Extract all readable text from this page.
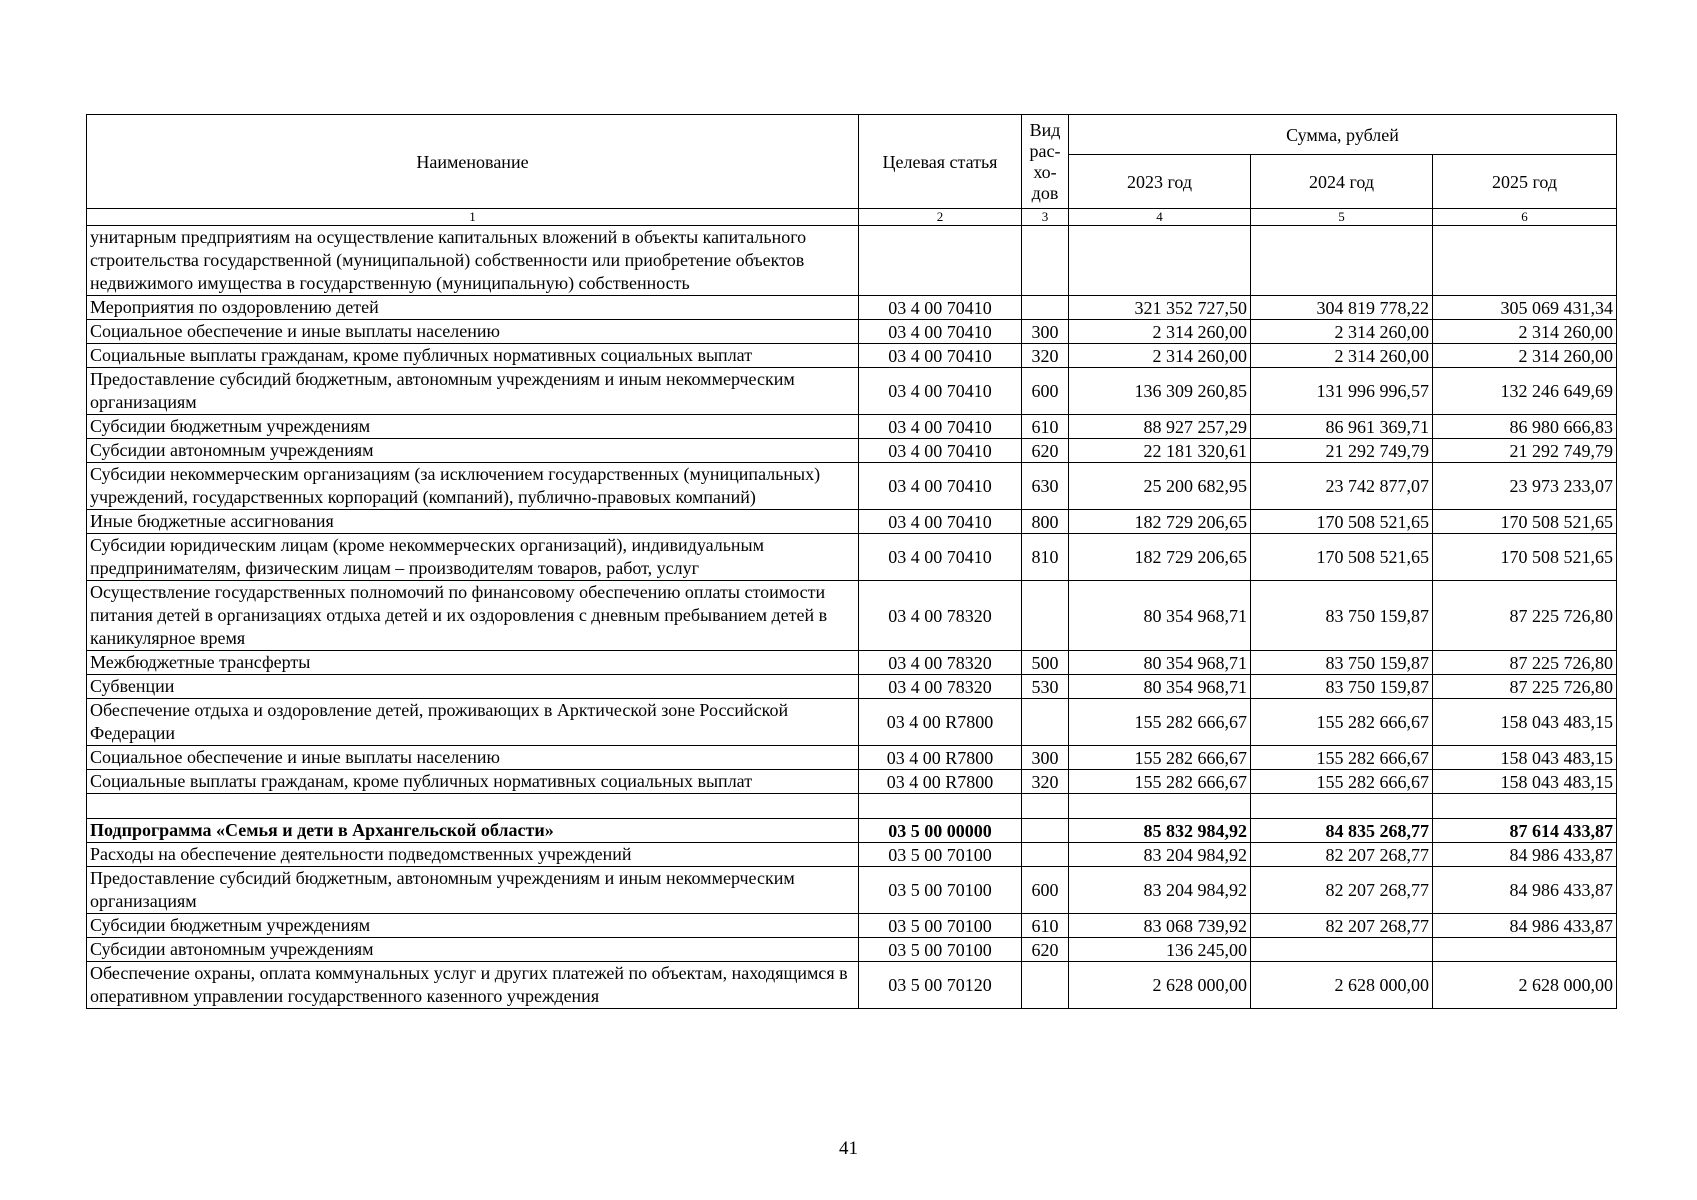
Наименование	Целевая статья	Вид рас-хо-дов	Сумма, рублей		
			2023 год	2024 год	2025 год
1	2	3	4	5	6
унитарным предприятиям на осуществление капитальных вложений в объекты капитального строительства государственной (муниципальной) собственности или приобретение объектов недвижимого имущества в государственную (муниципальную) собственность					
Мероприятия по оздоровлению детей	03 4 00 70410		321 352 727,50	304 819 778,22	305 069 431,34
Социальное обеспечение и иные выплаты населению	03 4 00 70410	300	2 314 260,00	2 314 260,00	2 314 260,00
Социальные выплаты гражданам, кроме публичных нормативных социальных выплат	03 4 00 70410	320	2 314 260,00	2 314 260,00	2 314 260,00
Предоставление субсидий бюджетным, автономным учреждениям и иным некоммерческим организациям	03 4 00 70410	600	136 309 260,85	131 996 996,57	132 246 649,69
Субсидии бюджетным учреждениям	03 4 00 70410	610	88 927 257,29	86 961 369,71	86 980 666,83
Субсидии автономным учреждениям	03 4 00 70410	620	22 181 320,61	21 292 749,79	21 292 749,79
Субсидии некоммерческим организациям (за исключением государственных (муниципальных) учреждений, государственных корпораций (компаний), публично-правовых компаний)	03 4 00 70410	630	25 200 682,95	23 742 877,07	23 973 233,07
Иные бюджетные ассигнования	03 4 00 70410	800	182 729 206,65	170 508 521,65	170 508 521,65
Субсидии юридическим лицам (кроме некоммерческих организаций), индивидуальным предпринимателям, физическим лицам – производителям товаров, работ, услуг	03 4 00 70410	810	182 729 206,65	170 508 521,65	170 508 521,65
Осуществление государственных полномочий по финансовому обеспечению оплаты стоимости питания детей в организациях отдыха детей и их оздоровления с дневным пребыванием детей в каникулярное время	03 4 00 78320		80 354 968,71	83 750 159,87	87 225 726,80
Межбюджетные трансферты	03 4 00 78320	500	80 354 968,71	83 750 159,87	87 225 726,80
Субвенции	03 4 00 78320	530	80 354 968,71	83 750 159,87	87 225 726,80
Обеспечение отдыха и оздоровление детей, проживающих в Арктической зоне Российской Федерации	03 4 00 R7800		155 282 666,67	155 282 666,67	158 043 483,15
Социальное обеспечение и иные выплаты населению	03 4 00 R7800	300	155 282 666,67	155 282 666,67	158 043 483,15
Социальные выплаты гражданам, кроме публичных нормативных социальных выплат	03 4 00 R7800	320	155 282 666,67	155 282 666,67	158 043 483,15

Подпрограмма «Семья и дети в Архангельской области»	03 5 00 00000		85 832 984,92	84 835 268,77	87 614 433,87
Расходы на обеспечение деятельности подведомственных учреждений	03 5 00 70100		83 204 984,92	82 207 268,77	84 986 433,87
Предоставление субсидий бюджетным, автономным учреждениям и иным некоммерческим организациям	03 5 00 70100	600	83 204 984,92	82 207 268,77	84 986 433,87
Субсидии бюджетным учреждениям	03 5 00 70100	610	83 068 739,92	82 207 268,77	84 986 433,87
Субсидии автономным учреждениям	03 5 00 70100	620	136 245,00		
Обеспечение охраны, оплата коммунальных услуг и других платежей по объектам, находящимся в оперативном управлении государственного казенного учреждения	03 5 00 70120		2 628 000,00	2 628 000,00	2 628 000,00
41
